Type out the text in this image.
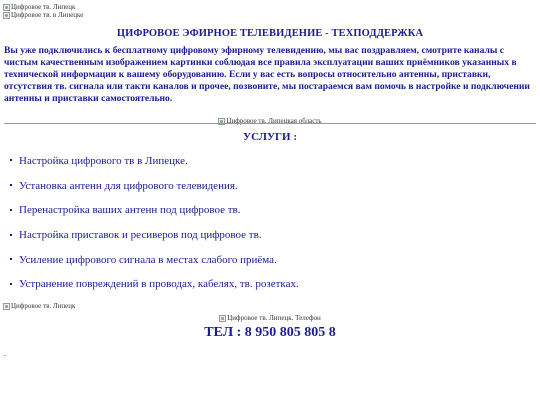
Цифровое тв. Липецк
Цифровое тв. в Липецке
ЦИФРОВОЕ ЭФИРНОЕ ТЕЛЕВИДЕНИЕ - ТЕХПОДДЕРЖКА
Вы уже подключились к бесплатному цифровому эфирному телевидению, мы вас поздравляем, смотрите каналы с чистым качественным изображением картинки соблюдая все правила эксплуатации ваших приёмников указанных в технической информации к вашему оборудованию. Если у вас есть вопросы относительно антенны, приставки, отсутствия тв. сигнала или такти каналов и прочее, позвоните, мы постараемся вам помочь в настройке и подключении антенны и приставки самостоятельно.
Цифровое тв. Липецкая область
УСЛУГИ :
Настройка цифрового тв в Липецке.
Установка антенн для цифрового телевидения.
Перенастройка ваших антенн под цифровое тв.
Настройка приставок и ресиверов под цифровое тв.
Усиление цифрового сигнала в местах слабого приёма.
Устранение повреждений в проводах, кабелях, тв. розетках.
Цифровое тв. Липецк
Цифровое тв. Липецк. Телефон
ТЕЛ : 8 950 805 805 8
.
